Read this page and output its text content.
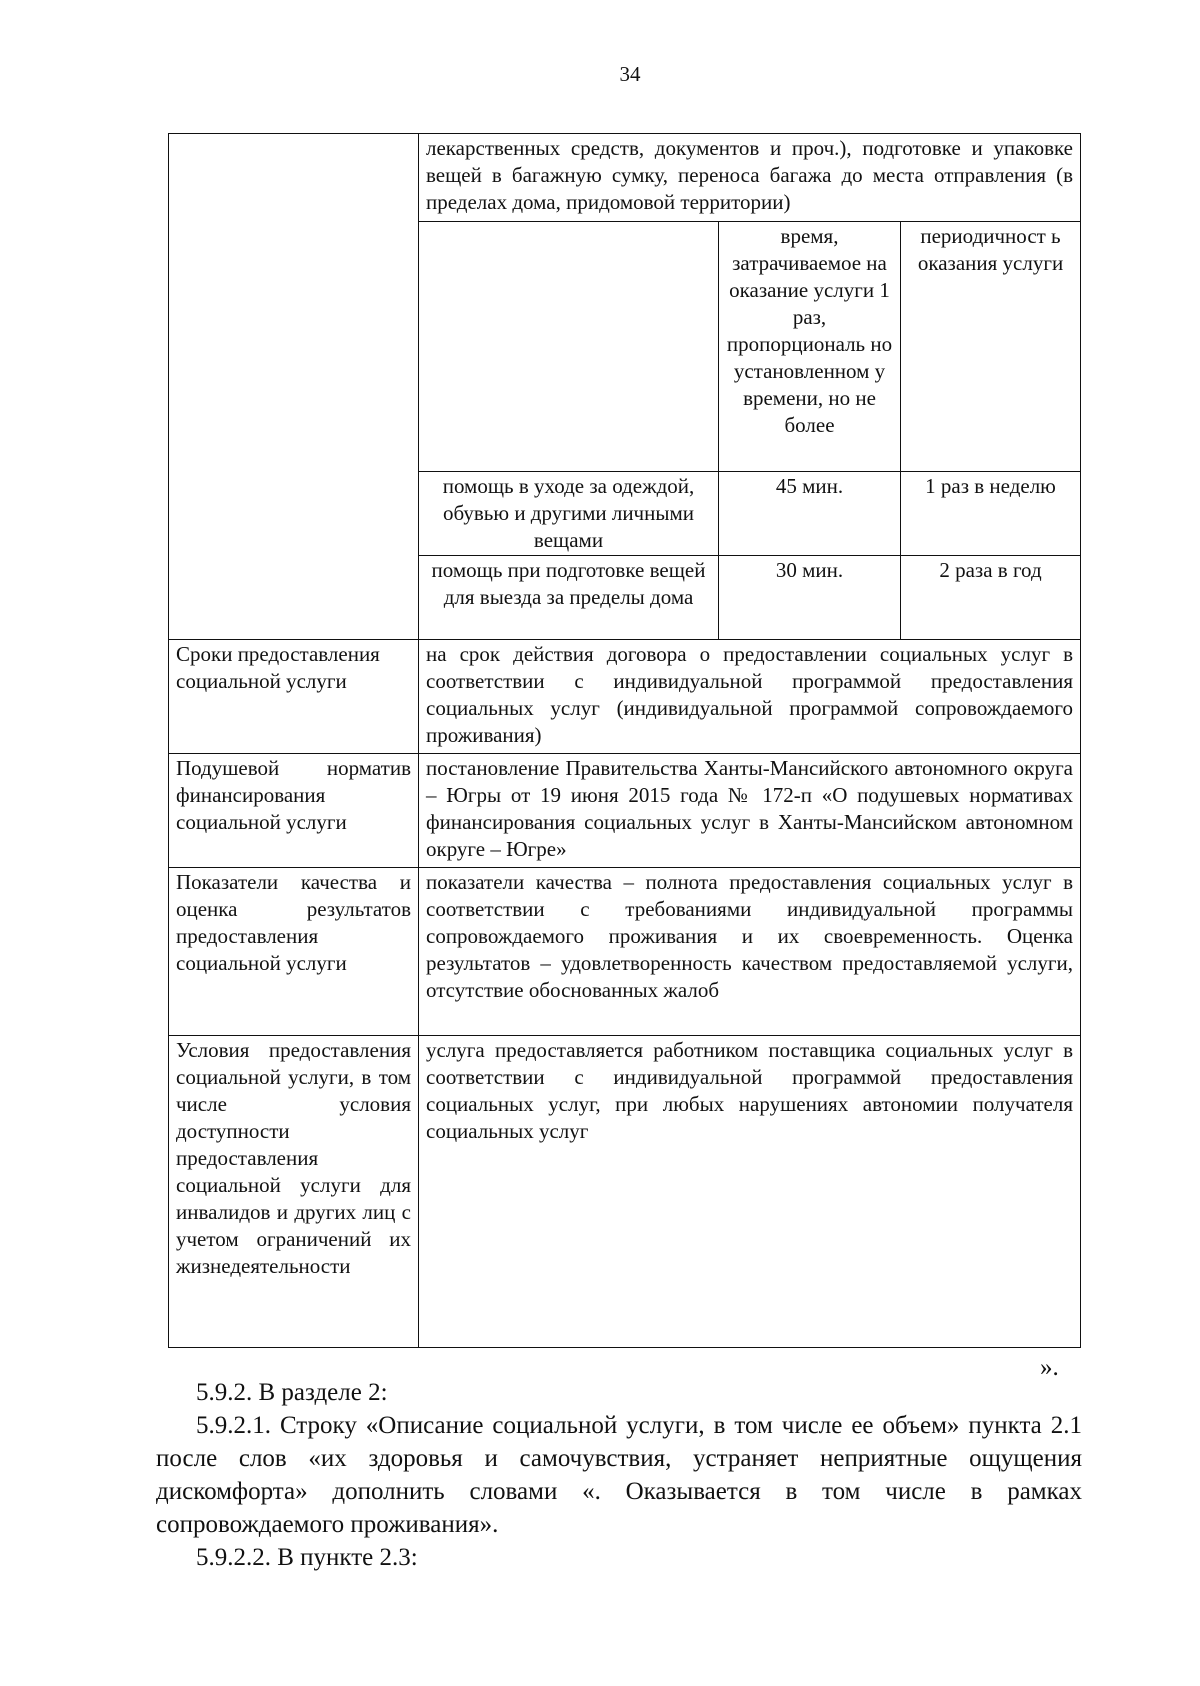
34
	лекарственных средств, документов и проч.), подготовке и упаковке вещей в багажную сумку, переноса багажа до места отправления (в пределах дома, придомовой территории)		
		время, затрачиваемое на оказание услуги 1 раз, пропорциональ но установленном у времени, но не более	периодичност ь оказания услуги
	помощь в уходе за одеждой, обувью и другими личными вещами	45 мин.	1 раз в неделю
	помощь при подготовке вещей для выезда за пределы дома	30 мин.	2 раза в год
Сроки предоставления социальной услуги	на срок действия договора о предоставлении социальных услуг в соответствии с индивидуальной программой предоставления социальных услуг (индивидуальной программой сопровождаемого проживания)		
Подушевой норматив финансирования социальной услуги	постановление Правительства Ханты-Мансийского автономного округа – Югры от 19 июня 2015 года № 172-п «О подушевых нормативах финансирования социальных услуг в Ханты-Мансийском автономном округе – Югре»		
Показатели качества и оценка результатов предоставления социальной услуги	показатели качества – полнота предоставления социальных услуг в соответствии с требованиями индивидуальной программы сопровождаемого проживания и их своевременность. Оценка результатов – удовлетворенность качеством предоставляемой услуги, отсутствие обоснованных жалоб		
Условия предоставления социальной услуги, в том числе условия доступности предоставления социальной услуги для инвалидов и других лиц с учетом ограничений их жизнедеятельности	услуга предоставляется работником поставщика социальных услуг в соответствии с индивидуальной программой предоставления социальных услуг, при любых нарушениях автономии получателя социальных услуг		
».

5.9.2. В разделе 2:

5.9.2.1. Строку «Описание социальной услуги, в том числе ее объем» пункта 2.1 после слов «их здоровья и самочувствия, устраняет неприятные ощущения дискомфорта» дополнить словами «. Оказывается в том числе в рамках сопровождаемого проживания».

5.9.2.2. В пункте 2.3:
